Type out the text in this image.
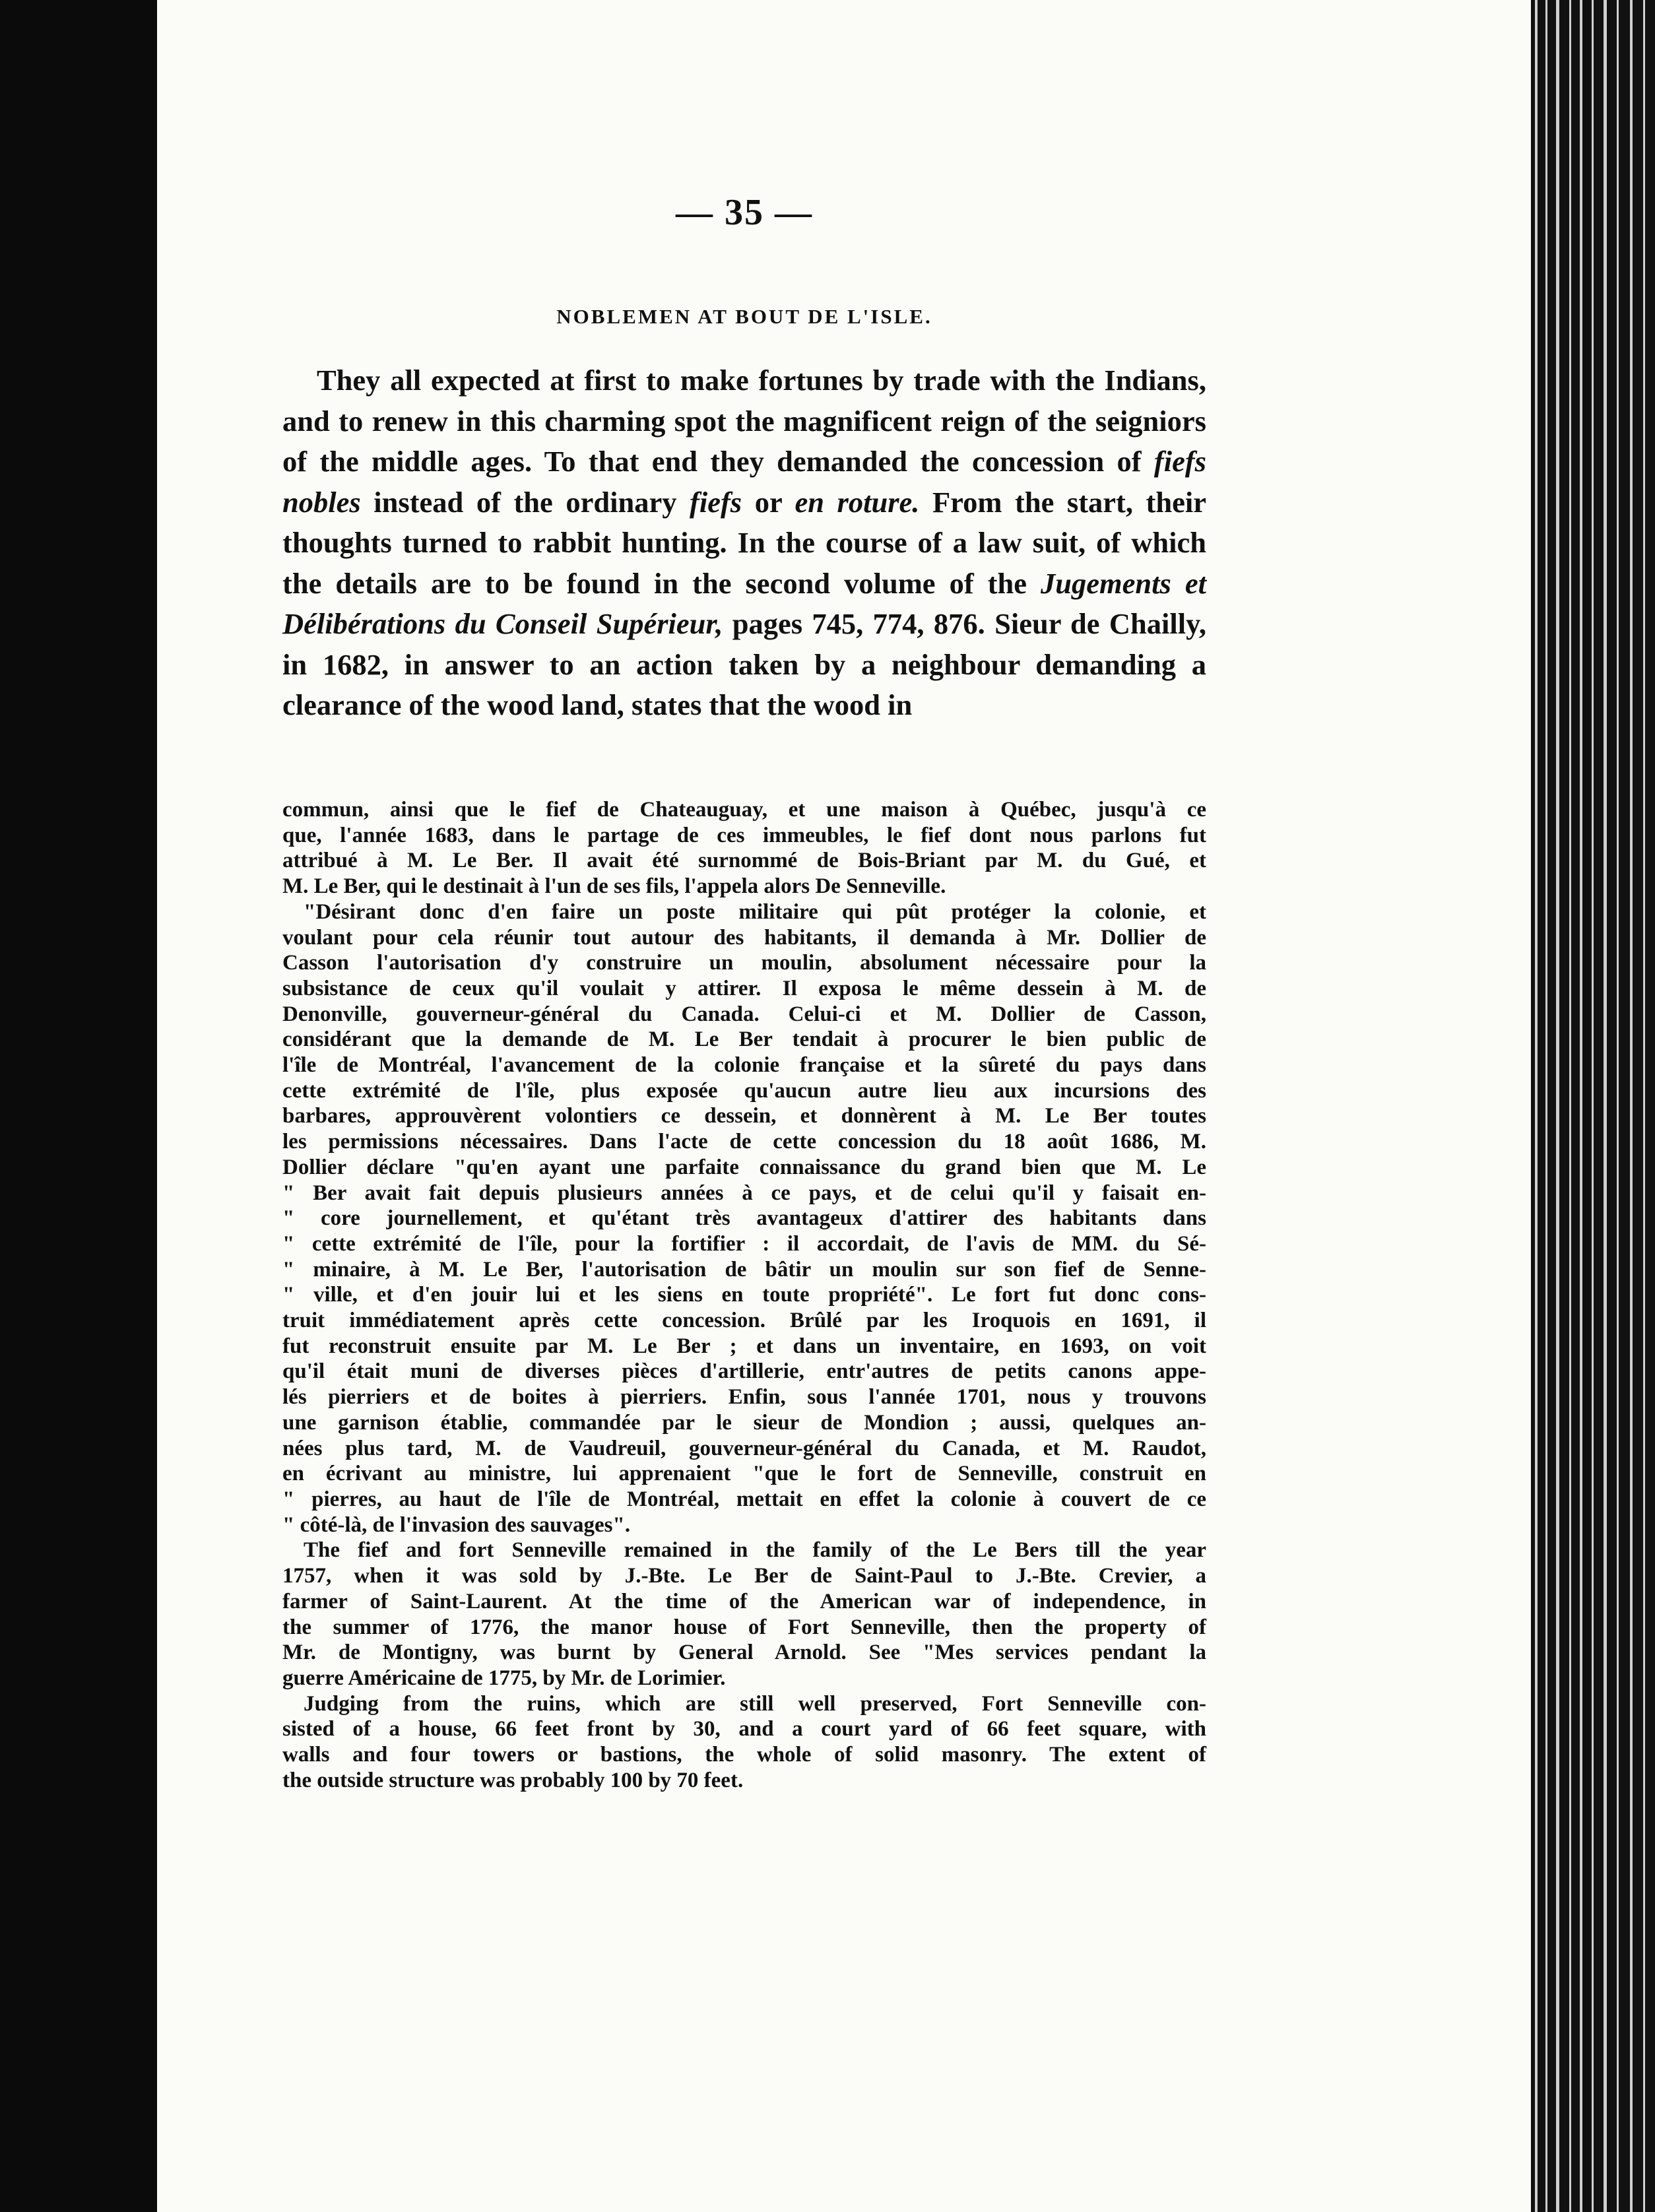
— 35 —
NOBLEMEN AT BOUT DE L'ISLE.

They all expected at first to make fortunes by trade with the Indians, and to renew in this charming spot the magnificent reign of the seigniors of the middle ages. To that end they demanded the concession of fiefs nobles instead of the ordinary fiefs or en roture. From the start, their thoughts turned to rabbit hunting. In the course of a law suit, of which the details are to be found in the second volume of the Jugements et Délibérations du Conseil Supérieur, pages 745, 774, 876. Sieur de Chailly, in 1682, in answer to an action taken by a neighbour demanding a clearance of the wood land, states that the wood in

commun, ainsi que le fief de Chateauguay, et une maison à Québec, jusqu'à ce
que, l'année 1683, dans le partage de ces immeubles, le fief dont nous parlons fut
attribué à M. Le Ber. Il avait été surnommé de Bois-Briant par M. du Gué, et
M. Le Ber, qui le destinait à l'un de ses fils, l'appela alors De Senneville.
"Désirant donc d'en faire un poste militaire qui pût protéger la colonie, et
voulant pour cela réunir tout autour des habitants, il demanda à Mr. Dollier de
Casson l'autorisation d'y construire un moulin, absolument nécessaire pour la
subsistance de ceux qu'il voulait y attirer. Il exposa le même dessein à M. de
Denonville, gouverneur-général du Canada. Celui-ci et M. Dollier de Casson,
considérant que la demande de M. Le Ber tendait à procurer le bien public de
l'île de Montréal, l'avancement de la colonie française et la sûreté du pays dans
cette extrémité de l'île, plus exposée qu'aucun autre lieu aux incursions des
barbares, approuvèrent volontiers ce dessein, et donnèrent à M. Le Ber toutes
les permissions nécessaires. Dans l'acte de cette concession du 18 août 1686, M.
Dollier déclare "qu'en ayant une parfaite connaissance du grand bien que M. Le
" Ber avait fait depuis plusieurs années à ce pays, et de celui qu'il y faisait en-
" core journellement, et qu'étant très avantageux d'attirer des habitants dans
" cette extrémité de l'île, pour la fortifier : il accordait, de l'avis de MM. du Sé-
" minaire, à M. Le Ber, l'autorisation de bâtir un moulin sur son fief de Senne-
" ville, et d'en jouir lui et les siens en toute propriété". Le fort fut donc cons-
truit immédiatement après cette concession. Brûlé par les Iroquois en 1691, il
fut reconstruit ensuite par M. Le Ber ; et dans un inventaire, en 1693, on voit
qu'il était muni de diverses pièces d'artillerie, entr'autres de petits canons appe-
lés pierriers et de boites à pierriers. Enfin, sous l'année 1701, nous y trouvons
une garnison établie, commandée par le sieur de Mondion ; aussi, quelques an-
nées plus tard, M. de Vaudreuil, gouverneur-général du Canada, et M. Raudot,
en écrivant au ministre, lui apprenaient "que le fort de Senneville, construit en
" pierres, au haut de l'île de Montréal, mettait en effet la colonie à couvert de ce
" côté-là, de l'invasion des sauvages".
The fief and fort Senneville remained in the family of the Le Bers till the year
1757, when it was sold by J.-Bte. Le Ber de Saint-Paul to J.-Bte. Crevier, a
farmer of Saint-Laurent. At the time of the American war of independence, in
the summer of 1776, the manor house of Fort Senneville, then the property of
Mr. de Montigny, was burnt by General Arnold. See "Mes services pendant la
guerre Américaine de 1775, by Mr. de Lorimier.
Judging from the ruins, which are still well preserved, Fort Senneville con-
sisted of a house, 66 feet front by 30, and a court yard of 66 feet square, with
walls and four towers or bastions, the whole of solid masonry. The extent of
the outside structure was probably 100 by 70 feet.
